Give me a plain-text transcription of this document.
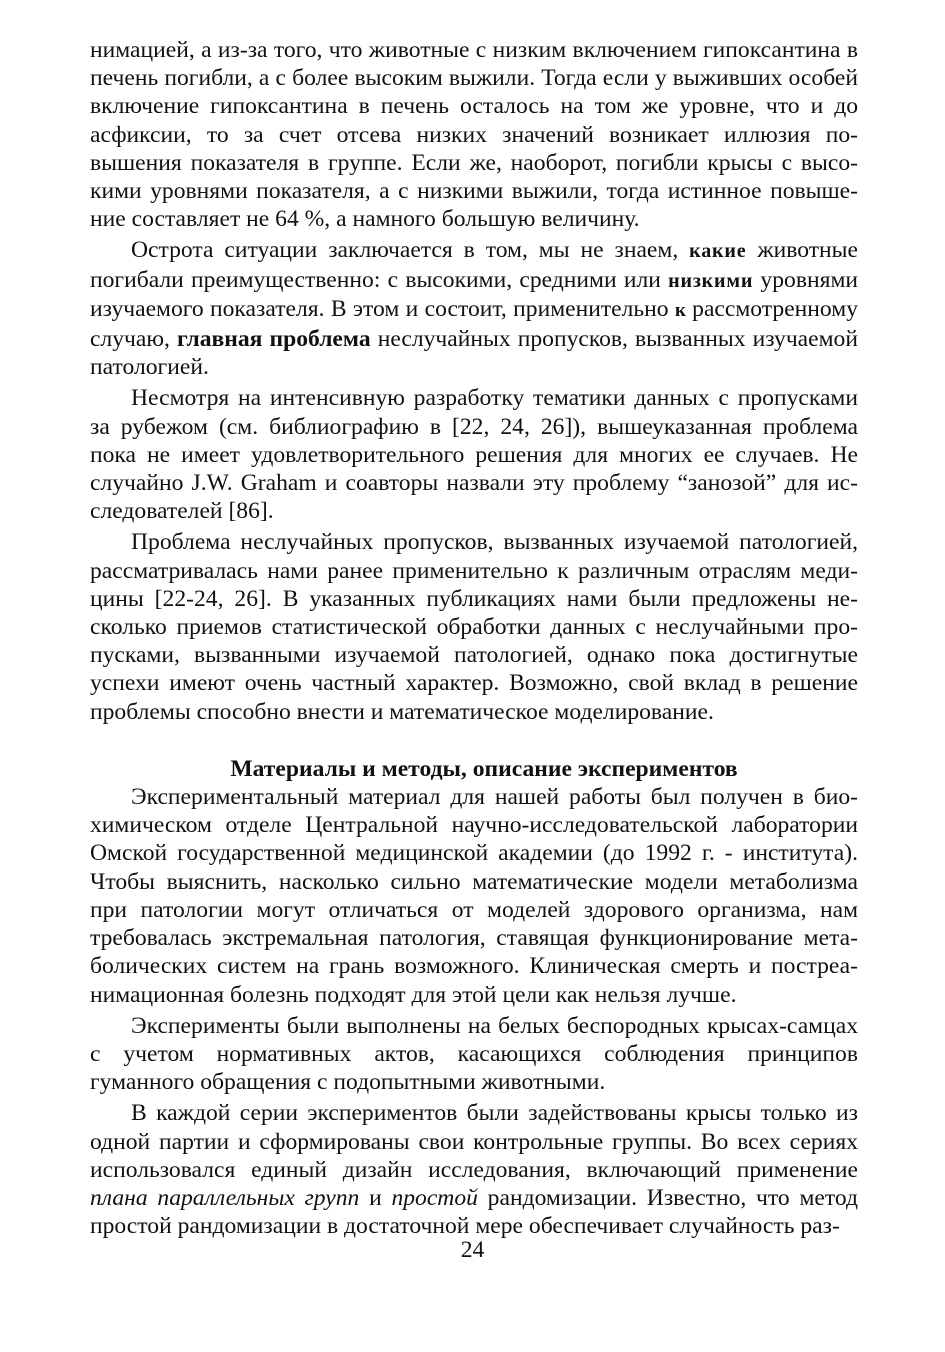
нимацией, а из-за того, что животные с низким включением гипоксантина в печень погибли, а с более высоким выжили. Тогда если у выживших особей включение гипоксантина в печень осталось на том же уровне, что и до асфиксии, то за счет отсева низких значений возникает иллюзия повышения показателя в группе. Если же, наоборот, погибли крысы с высокими уровнями показателя, а с низкими выжили, тогда истинное повышение составляет не 64 %, а намного большую величину.

Острота ситуации заключается в том, мы не знаем, какие животные погибали преимущественно: с высокими, средними или низкими уровнями изучаемого показателя. В этом и состоит, применительно к рассмотренному случаю, главная проблема неслучайных пропусков, вызванных изучаемой патологией.

Несмотря на интенсивную разработку тематики данных с пропусками за рубежом (см. библиографию в [22, 24, 26]), вышеуказанная проблема пока не имеет удовлетворительного решения для многих ее случаев. Не случайно J.W. Graham и соавторы назвали эту проблему “занозой” для исследователей [86].

Проблема неслучайных пропусков, вызванных изучаемой патологией, рассматривалась нами ранее применительно к различным отраслям медицины [22-24, 26]. В указанных публикациях нами были предложены несколько приемов статистической обработки данных с неслучайными пропусками, вызванными изучаемой патологией, однако пока достигнутые успехи имеют очень частный характер. Возможно, свой вклад в решение проблемы способно внести и математическое моделирование.

Материалы и методы, описание экспериментов

Экспериментальный материал для нашей работы был получен в биохимическом отделе Центральной научно-исследовательской лаборатории Омской государственной медицинской академии (до 1992 г. - института). Чтобы выяснить, насколько сильно математические модели метаболизма при патологии могут отличаться от моделей здорового организма, нам требовалась экстремальная патология, ставящая функционирование метаболических систем на грань возможного. Клиническая смерть и постреанимационная болезнь подходят для этой цели как нельзя лучше.

Эксперименты были выполнены на белых беспородных крысах-самцах с учетом нормативных актов, касающихся соблюдения принципов гуманного обращения с подопытными животными.

В каждой серии экспериментов были задействованы крысы только из одной партии и сформированы свои контрольные группы. Во всех сериях использовался единый дизайн исследования, включающий применение плана параллельных групп и простой рандомизации. Известно, что метод простой рандомизации в достаточной мере обеспечивает случайность раз-

24
